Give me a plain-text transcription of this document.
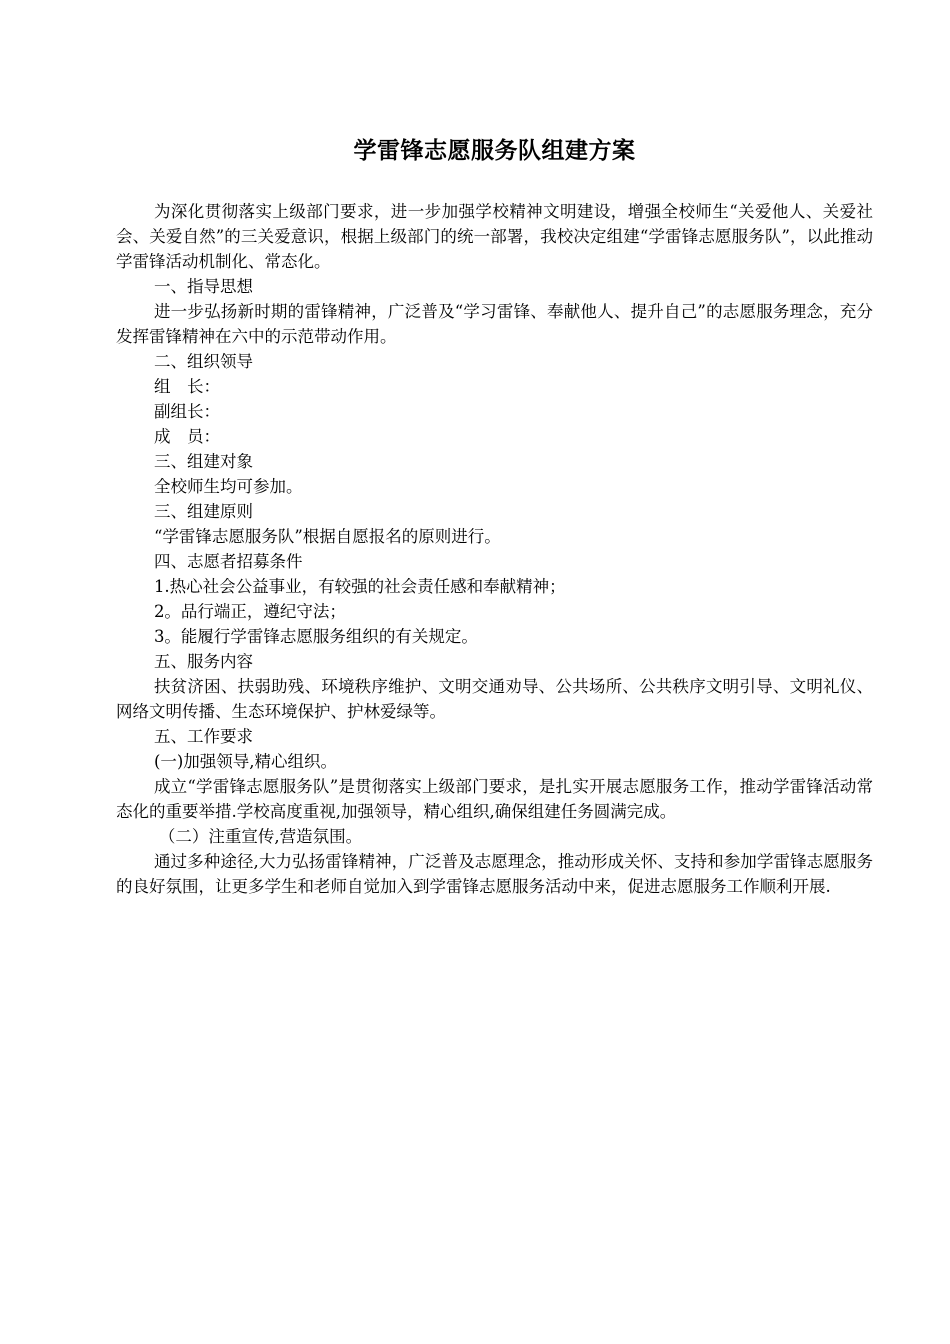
学雷锋志愿服务队组建方案

为深化贯彻落实上级部门要求，进一步加强学校精神文明建设，增强全校师生“关爱他人、关爱社会、关爱自然”的三关爱意识，根据上级部门的统一部署，我校决定组建“学雷锋志愿服务队”，以此推动学雷锋活动机制化、常态化。

一、指导思想

进一步弘扬新时期的雷锋精神，广泛普及“学习雷锋、奉献他人、提升自己”的志愿服务理念，充分发挥雷锋精神在六中的示范带动作用。

二、组织领导

组　长：

副组长：

成　员：

三、组建对象

全校师生均可参加。

三、组建原则

“学雷锋志愿服务队”根据自愿报名的原则进行。

四、志愿者招募条件

1.热心社会公益事业，有较强的社会责任感和奉献精神；

2。品行端正，遵纪守法；

3。能履行学雷锋志愿服务组织的有关规定。

五、服务内容

扶贫济困、扶弱助残、环境秩序维护、文明交通劝导、公共场所、公共秩序文明引导、文明礼仪、网络文明传播、生态环境保护、护林爱绿等。

五、工作要求

(一)加强领导,精心组织。

成立“学雷锋志愿服务队”是贯彻落实上级部门要求，是扎实开展志愿服务工作，推动学雷锋活动常态化的重要举措.学校高度重视,加强领导，精心组织,确保组建任务圆满完成。

（二）注重宣传,营造氛围。

通过多种途径,大力弘扬雷锋精神，广泛普及志愿理念，推动形成关怀、支持和参加学雷锋志愿服务的良好氛围，让更多学生和老师自觉加入到学雷锋志愿服务活动中来，促进志愿服务工作顺利开展.
